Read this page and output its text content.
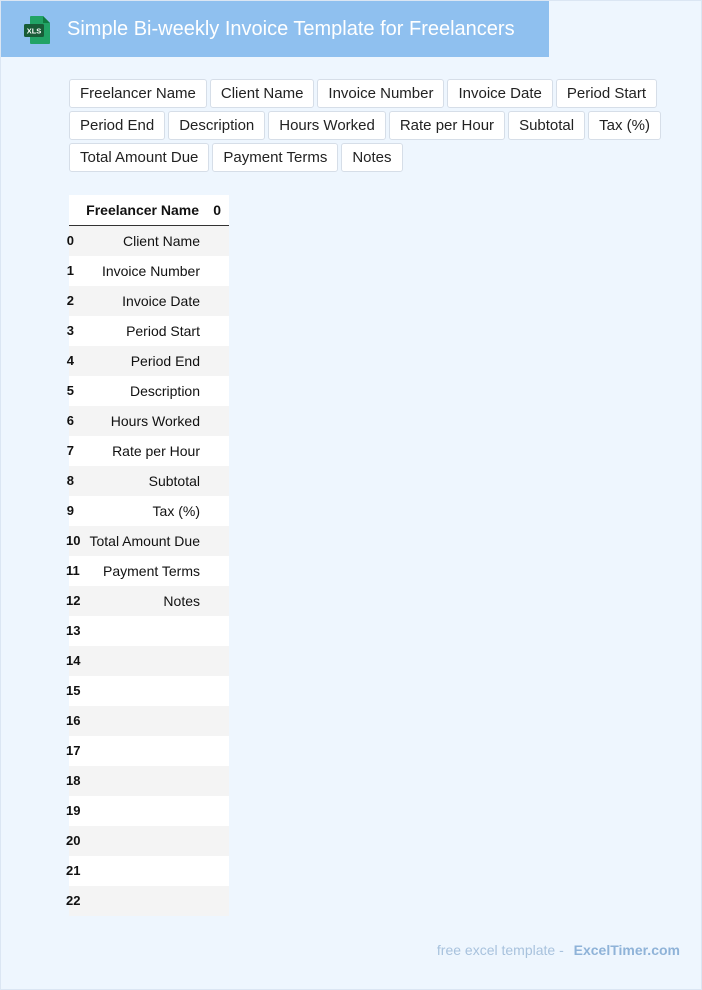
XLS Simple Bi-weekly Invoice Template for Freelancers
Freelancer Name	Client Name	Invoice Number	Invoice Date	Period Start
Period End	Description	Hours Worked	Rate per Hour	Subtotal	Tax (%)
Total Amount Due	Payment Terms	Notes
Freelancer Name 0
0	Client Name
1 Invoice Number
2	Invoice Date
3	Period Start
4	Period End
5	Description
6	Hours Worked
7	Rate per Hour
8	Subtotal
9	Tax (%)
10 Total Amount Due
11 Payment Terms
12	Notes
13
14
15
16
17
18
19
20
21
22
free excel template - ExcelTimer.com
